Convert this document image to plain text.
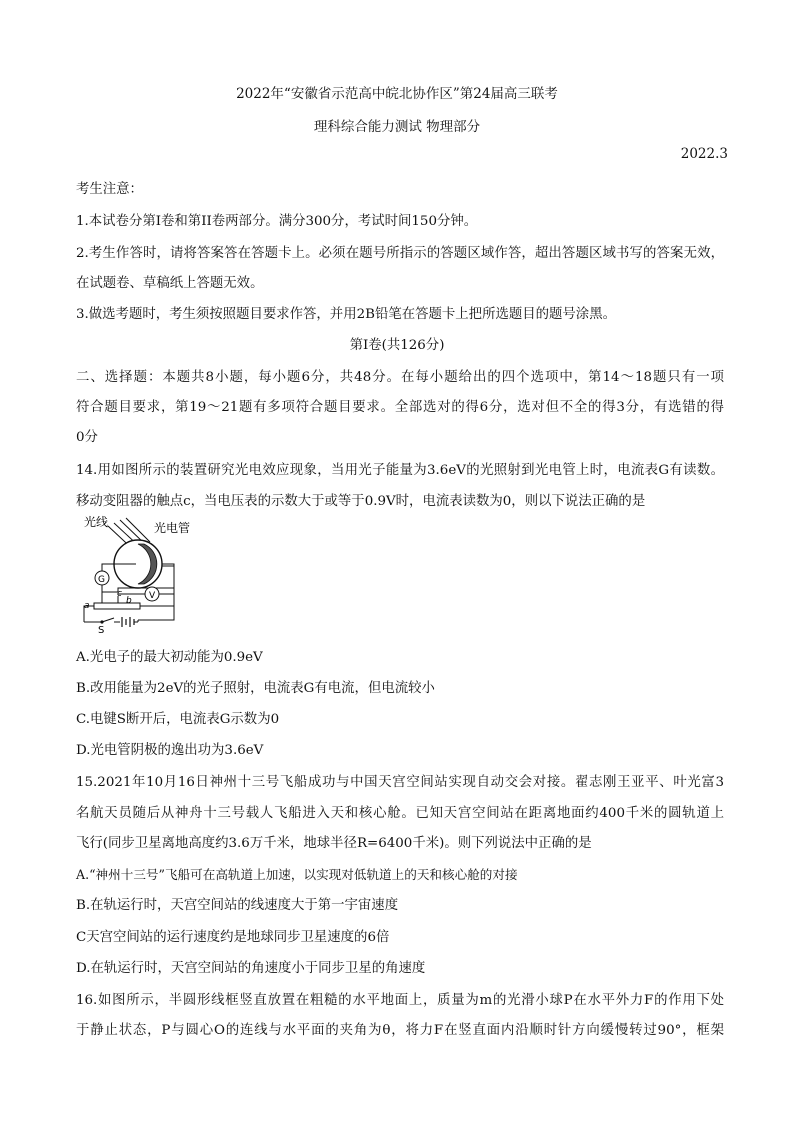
2022年“安徽省示范高中皖北协作区”第24届高三联考
理科综合能力测试 物理部分
2022.3
考生注意：
1.本试卷分第I卷和第II卷两部分。满分300分，考试时间150分钟。
2.考生作答时，请将答案答在答题卡上。必须在题号所指示的答题区域作答，超出答题区域书写的答案无效，
在试题卷、草稿纸上答题无效。
3.做选考题时，考生须按照题目要求作答，并用2B铅笔在答题卡上把所选题目的题号涂黑。
第I卷(共126分)
二、选择题：本题共8小题，每小题6分，共48分。在每小题给出的四个选项中，第14～18题只有一项
符合题目要求，第19～21题有多项符合题目要求。全部选对的得6分，选对但不全的得3分，有选错的得
0分
14.用如图所示的装置研究光电效应现象，当用光子能量为3.6eV的光照射到光电管上时，电流表G有读数。
移动变阻器的触点c，当电压表的示数大于或等于0.9V时，电流表读数为0，则以下说法正确的是
光线	光电管
G
V
a	b
c
S
A.光电子的最大初动能为0.9eV
B.改用能量为2eV的光子照射，电流表G有电流，但电流较小
C.电键S断开后，电流表G示数为0
D.光电管阴极的逸出功为3.6eV
15.2021年10月16日神州十三号飞船成功与中国天宫空间站实现自动交会对接。翟志刚王亚平、叶光富3
名航天员随后从神舟十三号载人飞船进入天和核心舱。已知天宫空间站在距离地面约400千米的圆轨道上
飞行(同步卫星离地高度约3.6万千米，地球半径R=6400千米)。则下列说法中正确的是
A.“神州十三号”飞船可在高轨道上加速，以实现对低轨道上的天和核心舱的对接
B.在轨运行时，天宫空间站的线速度大于第一宇宙速度
C天宫空间站的运行速度约是地球同步卫星速度的6倍
D.在轨运行时，天宫空间站的角速度小于同步卫星的角速度
16.如图所示，半圆形线框竖直放置在粗糙的水平地面上，质量为m的光滑小球P在水平外力F的作用下处
于静止状态，P与圆心O的连线与水平面的夹角为θ，将力F在竖直面内沿顺时针方向缓慢转过90°，框架
